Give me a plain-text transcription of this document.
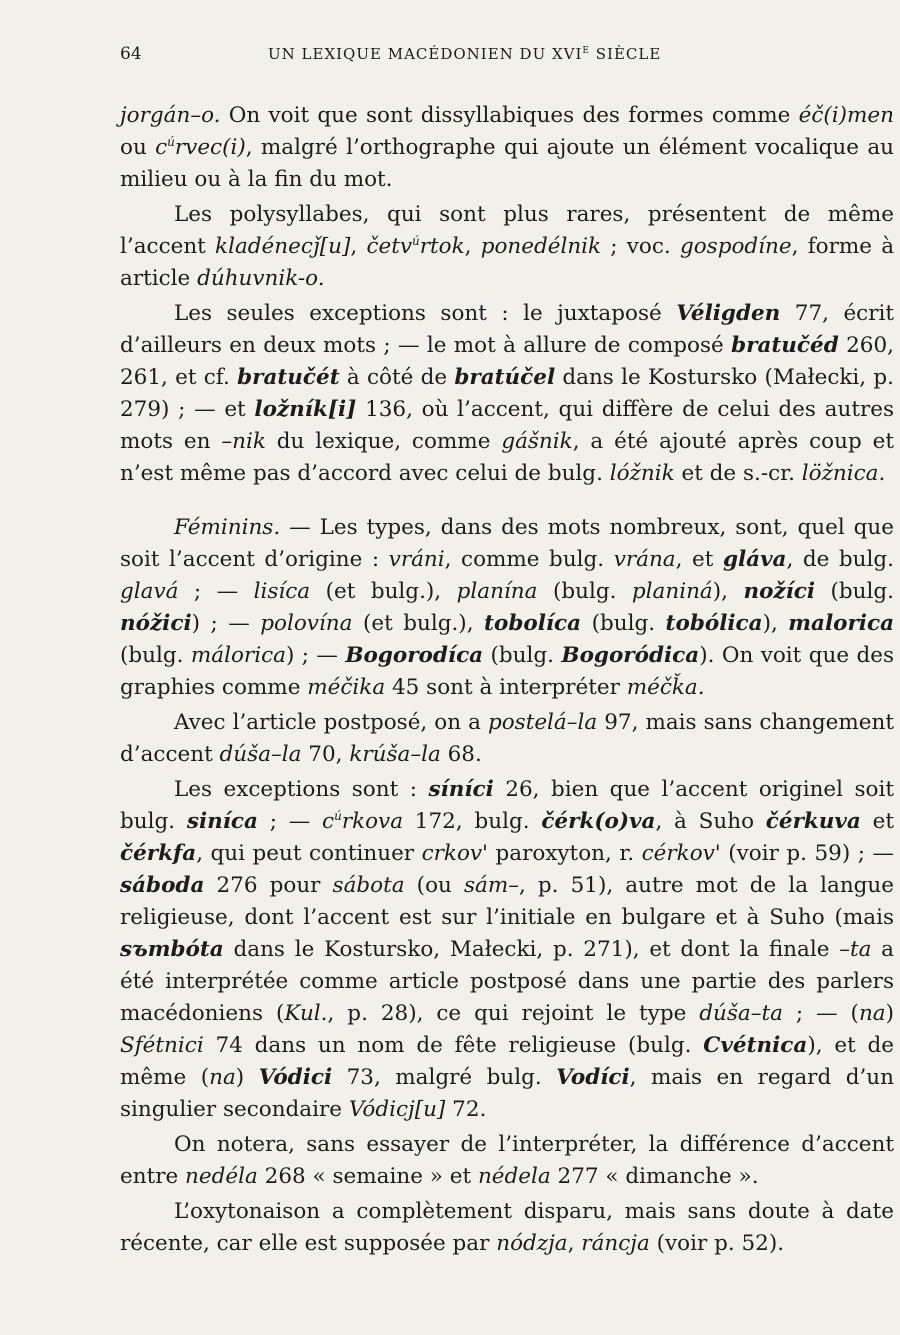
64	UN LEXIQUE MACÉDONIEN DU $XVI^E$ SIÈCLE

jorgán–o. On voit que sont dissyllabiques des formes comme éč(i)men ou $c^úrvec(i)$, malgré l’orthographe qui ajoute un élément vocalique au milieu ou à la fin du mot.

Les polysyllabes, qui sont plus rares, présentent de même l’accent kladénecǰ[u], četv$^ú$rtok, ponedélnik ; voc. gospodíne, forme à article dúhuvnik-o.

Les seules exceptions sont : le juxtaposé Véligden 77, écrit d’ailleurs en deux mots ; — le mot à allure de composé bratučéd 260, 261, et cf. bratučét à côté de bratúčel dans le Kostursko (Małecki, p. 279) ; — et ložník[i] 136, où l’accent, qui diffère de celui des autres mots en –nik du lexique, comme gášnik, a été ajouté après coup et n’est même pas d’accord avec celui de bulg. lóžnik et de s.-cr. lӧžnica.

Féminins. — Les types, dans des mots nombreux, sont, quel que soit l’accent d’origine : vráni, comme bulg. vrána, et gláva, de bulg. glavá ; — lisíca (et bulg.), planína (bulg. planiná), nožíci (bulg. nóžici) ; — polovína (et bulg.), tobolíca (bulg. tobólica), malorica (bulg. málorica) ; — Bogorodíca (bulg. Bogoródica). On voit que des graphies comme méčika 45 sont à interpréter méčǩa.

Avec l’article postposé, on a postelá–la 97, mais sans changement d’accent dúša–la 70, krúša–la 68.

Les exceptions sont : síníci 26, bien que l’accent originel soit bulg. siníca ; — $c^úrkova$ 172, bulg. čérk(o)va, à Suho čérkuva et čérkfa, qui peut continuer crkov' paroxyton, r. cérkov' (voir p. 59) ; — sáboda 276 pour sábota (ou sám–, p. 51), autre mot de la langue religieuse, dont l’accent est sur l’initiale en bulgare et à Suho (mais sъmbóta dans le Kostursko, Małecki, p. 271), et dont la finale –ta a été interprétée comme article postposé dans une partie des parlers macédoniens (Kul., p. 28), ce qui rejoint le type dúša–ta ; — (na) Sfétnici 74 dans un nom de fête religieuse (bulg. Cvétnica), et de même (na) Vódici 73, malgré bulg. Vodíci, mais en regard d’un singulier secondaire Vódicj[u] 72.

On notera, sans essayer de l’interpréter, la différence d’accent entre nedéla 268 « semaine » et nédela 277 « dimanche ».

L’oxytonaison a complètement disparu, mais sans doute à date récente, car elle est supposée par nódzja, ráncja (voir p. 52).
